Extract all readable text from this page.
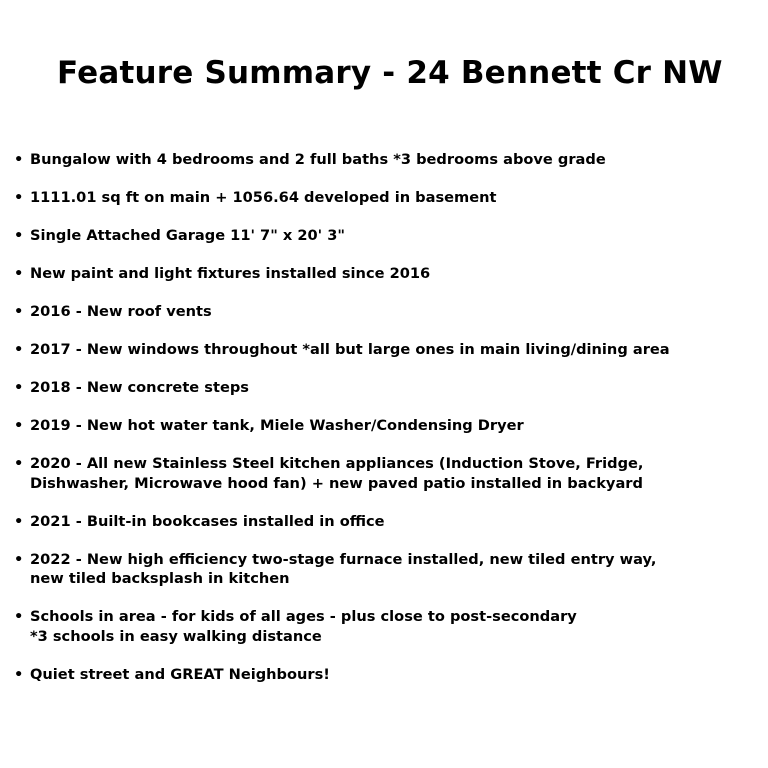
Feature Summary - 24 Bennett Cr NW
• Bungalow with 4 bedrooms and 2 full baths *3 bedrooms above grade
• 1111.01 sq ft on main + 1056.64 developed in basement
• Single Attached Garage 11' 7" x 20' 3"
• New paint and light fixtures installed since 2016
• 2016 - New roof vents
• 2017 - New windows throughout *all but large ones in main living/dining area
• 2018 - New concrete steps
• 2019 - New hot water tank, Miele Washer/Condensing Dryer
• 2020 - All new Stainless Steel kitchen appliances (Induction Stove, Fridge,
Dishwasher, Microwave hood fan) + new paved patio installed in backyard
• 2021 - Built-in bookcases installed in office
• 2022 - New high efficiency two-stage furnace installed, new tiled entry way,
new tiled backsplash in kitchen
• Schools in area - for kids of all ages - plus close to post-secondary
*3 schools in easy walking distance
• Quiet street and GREAT Neighbours!
